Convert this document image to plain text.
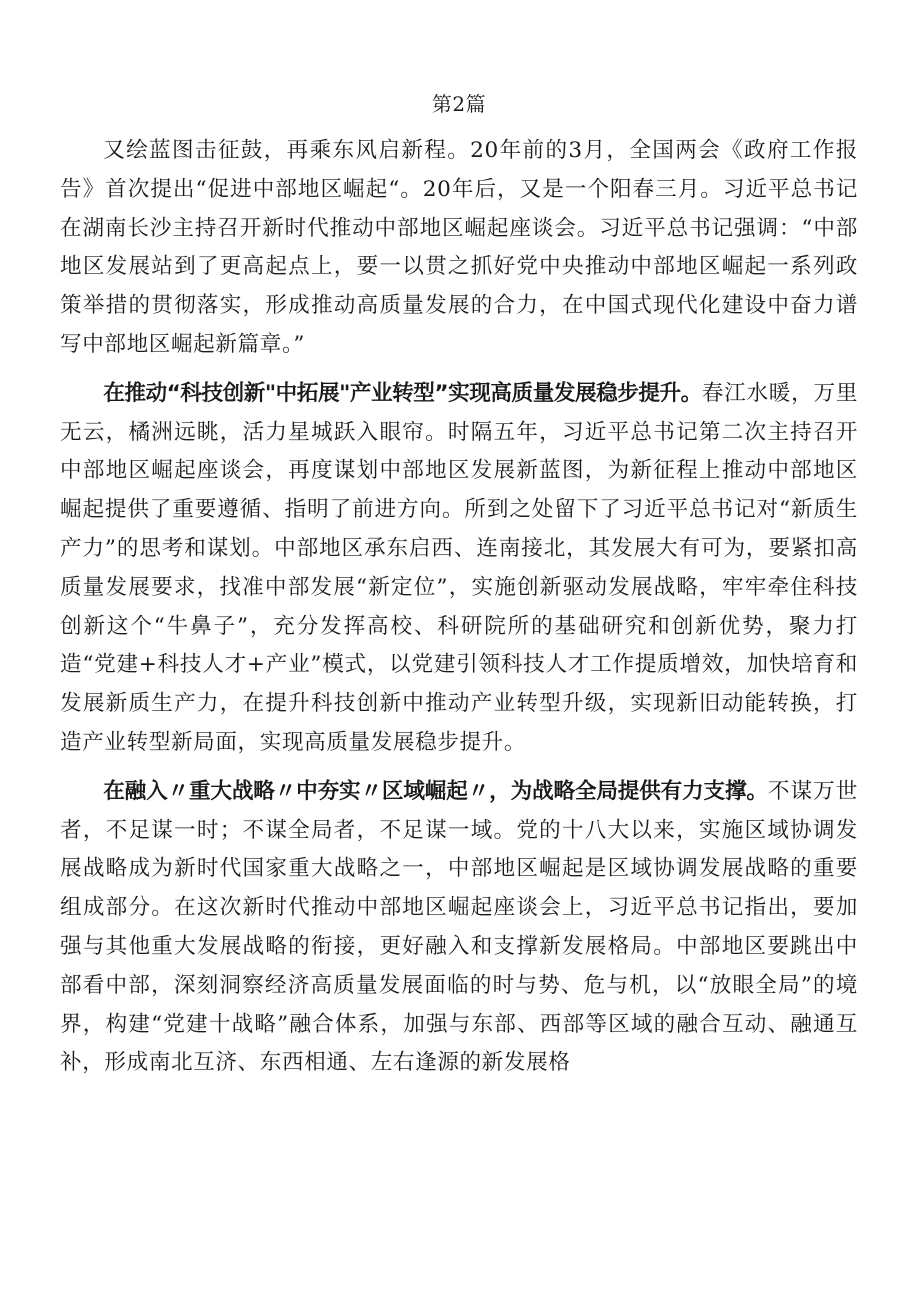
第2篇

又绘蓝图击征鼓，再乘东风启新程。20年前的3月，全国两会《政府工作报告》首次提出“促进中部地区崛起“。20年后，又是一个阳春三月。习近平总书记在湖南长沙主持召开新时代推动中部地区崛起座谈会。习近平总书记强调：“中部地区发展站到了更高起点上，要一以贯之抓好党中央推动中部地区崛起一系列政策举措的贯彻落实，形成推动高质量发展的合力，在中国式现代化建设中奋力谱写中部地区崛起新篇章。”

在推动“科技创新"中拓展"产业转型”实现高质量发展稳步提升。春江水暖，万里无云，橘洲远眺，活力星城跃入眼帘。时隔五年，习近平总书记第二次主持召开中部地区崛起座谈会，再度谋划中部地区发展新蓝图，为新征程上推动中部地区崛起提供了重要遵循、指明了前进方向。所到之处留下了习近平总书记对“新质生产力”的思考和谋划。中部地区承东启西、连南接北，其发展大有可为，要紧扣高质量发展要求，找准中部发展“新定位”，实施创新驱动发展战略，牢牢牵住科技创新这个“牛鼻子”，充分发挥高校、科研院所的基础研究和创新优势，聚力打造“党建+科技人才+产业”模式，以党建引领科技人才工作提质增效，加快培育和发展新质生产力，在提升科技创新中推动产业转型升级，实现新旧动能转换，打造产业转型新局面，实现高质量发展稳步提升。

在融入〃重大战略〃中夯实〃区域崛起〃，为战略全局提供有力支撑。不谋万世者，不足谋一时；不谋全局者，不足谋一域。党的十八大以来，实施区域协调发展战略成为新时代国家重大战略之一，中部地区崛起是区域协调发展战略的重要组成部分。在这次新时代推动中部地区崛起座谈会上，习近平总书记指出，要加强与其他重大发展战略的衔接，更好融入和支撑新发展格局。中部地区要跳出中部看中部，深刻洞察经济高质量发展面临的时与势、危与机，以“放眼全局”的境界，构建“党建十战略”融合体系，加强与东部、西部等区域的融合互动、融通互补，形成南北互济、东西相通、左右逢源的新发展格
